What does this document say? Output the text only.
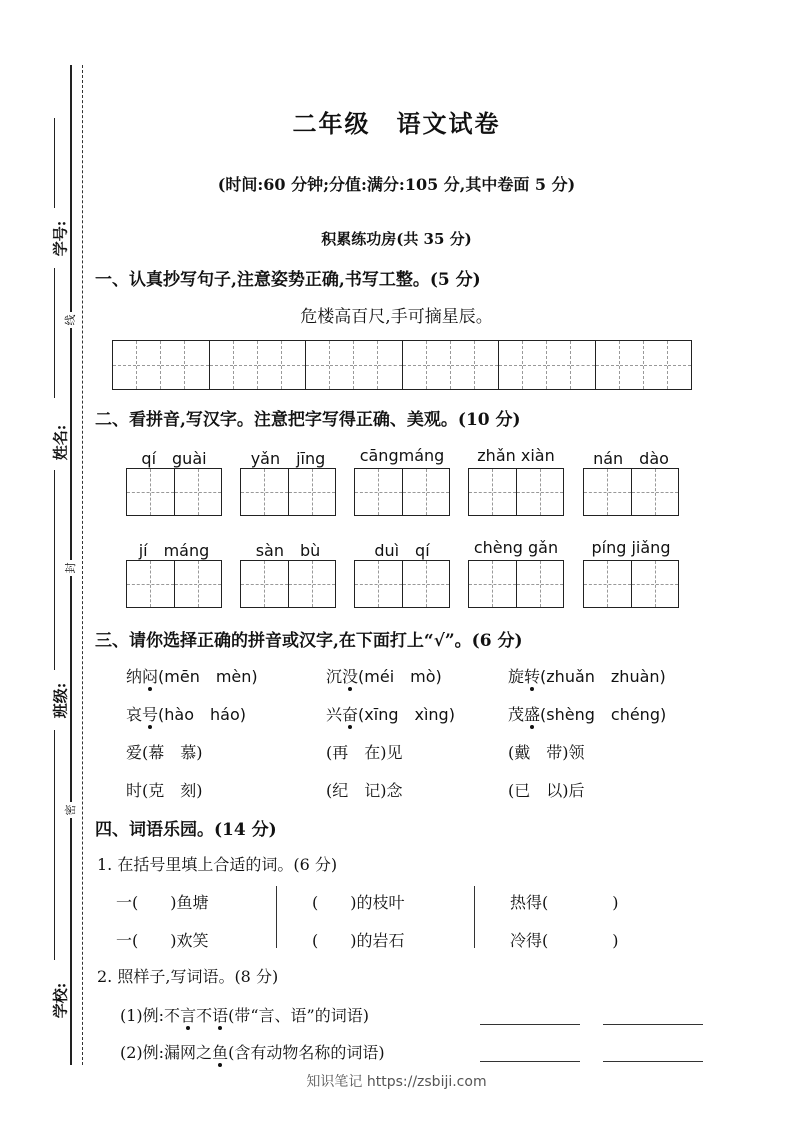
学号:
姓名:
班级:
学校:
线
封
密
二年级　语文试卷
(时间:60 分钟;分值:满分:105 分,其中卷面 5 分)
积累练功房(共 35 分)
一、认真抄写句子,注意姿势正确,书写工整。(5 分)
危楼高百尺,手可摘星辰。
二、看拼音,写汉字。注意把字写得正确、美观。(10 分)
qí　guài	yǎn　jīng	cāngmáng	zhǎn xiàn	nán　dào
jí　máng	sàn　bù	duì　qí	chèng gǎn	píng jiǎng
三、请你选择正确的拼音或汉字,在下面打上“√”。(6 分)
纳闷(mēn　mèn)	沉没(méi　mò)	旋转(zhuǎn　zhuàn)
哀号(hào　háo)	兴奋(xīng　xìng)	茂盛(shèng　chéng)
爱(幕　慕)	(再　在)见	(戴　带)领
时(克　刻)	(纪　记)念	(已　以)后
四、词语乐园。(14 分)
1. 在括号里填上合适的词。(6 分)
一(　　)鱼塘	(　　)的枝叶	热得(　　　　)
一(　　)欢笑	(　　)的岩石	冷得(　　　　)
2. 照样子,写词语。(8 分)
(1)例:不言不语(带“言、语”的词语)
(2)例:漏网之鱼(含有动物名称的词语)
知识笔记 https://zsbiji.com
